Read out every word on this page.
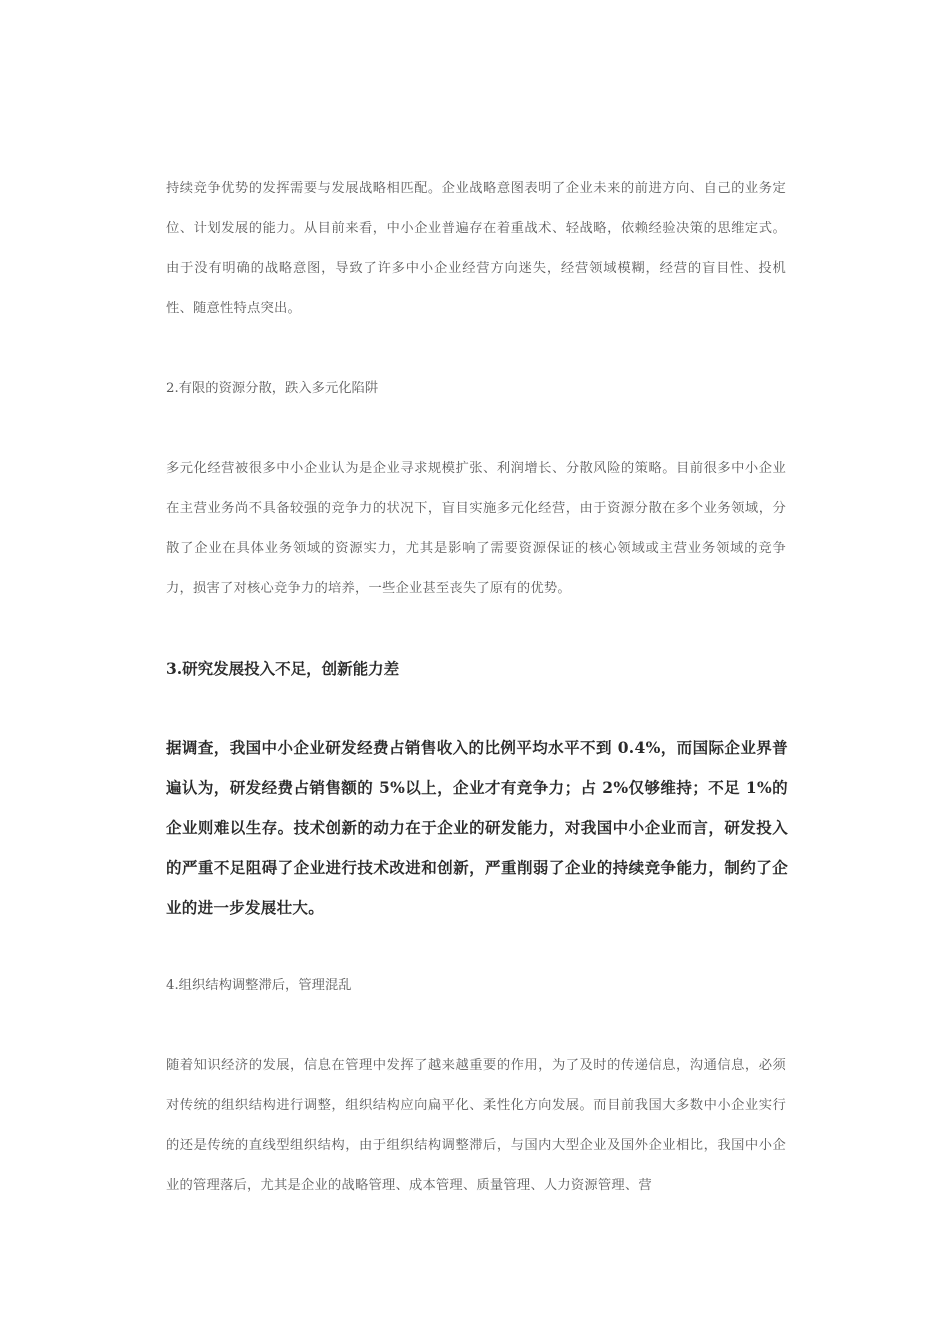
持续竞争优势的发挥需要与发展战略相匹配。企业战略意图表明了企业未来的前进方向、自己的业务定位、计划发展的能力。从目前来看，中小企业普遍存在着重战术、轻战略，依赖经验决策的思维定式。由于没有明确的战略意图，导致了许多中小企业经营方向迷失，经营领域模糊，经营的盲目性、投机性、随意性特点突出。

2.有限的资源分散，跌入多元化陷阱

多元化经营被很多中小企业认为是企业寻求规模扩张、利润增长、分散风险的策略。目前很多中小企业在主营业务尚不具备较强的竞争力的状况下，盲目实施多元化经营，由于资源分散在多个业务领域，分散了企业在具体业务领域的资源实力，尤其是影响了需要资源保证的核心领域或主营业务领域的竞争力，损害了对核心竞争力的培养，一些企业甚至丧失了原有的优势。

3.研究发展投入不足，创新能力差

据调查，我国中小企业研发经费占销售收入的比例平均水平不到 0.4%，而国际企业界普遍认为，研发经费占销售额的 5%以上，企业才有竞争力；占 2%仅够维持；不足 1%的企业则难以生存。技术创新的动力在于企业的研发能力，对我国中小企业而言，研发投入的严重不足阻碍了企业进行技术改进和创新，严重削弱了企业的持续竞争能力，制约了企业的进一步发展壮大。

4.组织结构调整滞后，管理混乱

随着知识经济的发展，信息在管理中发挥了越来越重要的作用，为了及时的传递信息，沟通信息，必须对传统的组织结构进行调整，组织结构应向扁平化、柔性化方向发展。而目前我国大多数中小企业实行的还是传统的直线型组织结构，由于组织结构调整滞后，与国内大型企业及国外企业相比，我国中小企业的管理落后，尤其是企业的战略管理、成本管理、质量管理、人力资源管理、营
